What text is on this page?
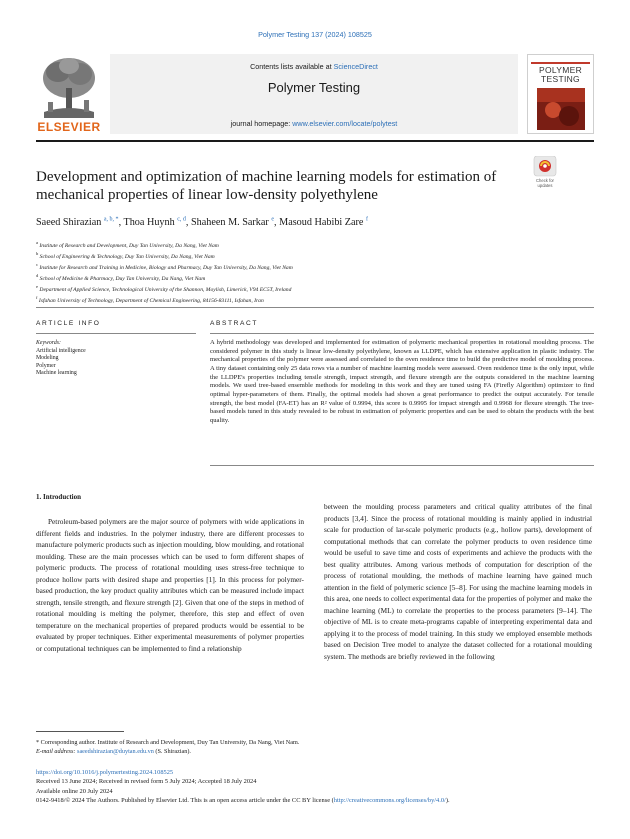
Polymer Testing 137 (2024) 108525
ELSEVIER
Contents lists available at ScienceDirect
Polymer Testing
journal homepage: www.elsevier.com/locate/polytest
POLYMER
TESTING
Development and optimization of machine learning models for estimation of mechanical properties of linear low-density polyethylene
Check for
updates
Saeed Shirazian $^{a, b, *}$, Thoa Huynh $^{c, d}$, Shaheen M. Sarkar $^e$, Masoud Habibi Zare $^f$
$^a$ Institute of Research and Development, Duy Tan University, Da Nang, Viet Nam
$^b$ School of Engineering & Technology, Duy Tan University, Da Nang, Viet Nam
$^c$ Institute for Research and Training in Medicine, Biology and Pharmacy, Duy Tan University, Da Nang, Viet Nam
$^d$ School of Medicine & Pharmacy, Duy Tan University, Da Nang, Viet Nam
$^e$ Department of Applied Science, Technological University of the Shannon, Moylish, Limerick, V94 EC5T, Ireland
$^f$ Isfahan University of Technology, Department of Chemical Engineering, 84156-83111, Isfahan, Iran
ARTICLE INFO
Keywords:
Artificial intelligence
Modeling
Polymer
Machine learning
ABSTRACT
A hybrid methodology was developed and implemented for estimation of polymeric mechanical properties in rotational moulding process. The considered polymer in this study is linear low-density polyethylene, known as LLDPE, which has extensive application in plastic industry. The mechanical properties of the polymer were assessed and correlated to the oven residence time to build the predictive model of moulding process. A tiny dataset containing only 25 data rows via a number of machine learning models were assessed. Oven residence time is the only input, while the LLDPE's properties including tensile strength, impact strength, and flexure strength are the outputs considered in the machine learning models. We used tree-based ensemble methods for modeling in this work and they are tuned using FA (Firefly Algorithm) optimizer to find optimal hyper-parameters of them. Finally, the optimal models had shown a great performance to predict the output accurately. For tensile strength, the best model (FA-ET) has an R² value of 0.9994, this score is 0.9995 for impact strength and 0.9968 for flexure strength. The tree-based models tuned in this study revealed to be robust in estimation of polymeric properties and can be used to obtain the products with the best quality.
1. Introduction
Petroleum-based polymers are the major source of polymers with wide applications in different fields and industries. In the polymer industry, there are different processes to manufacture polymeric products such as injection moulding, blow moulding, and rotational moulding. These are the main processes which can be used to form different shapes of polymeric products. The process of rotational moulding uses stress-free technique to produce hollow parts with desired shape and properties [1]. In this process for polymer-based production, the key product quality attributes which can be measured include impact strength, tensile strength, and flexure strength [2]. Given that one of the steps in method of rotational moulding is melting the polymer, therefore, this step and effect of oven temperature on the mechanical properties of prepared products would be essential to be evaluated by proper techniques. Either experimental measurements of polymer properties or computational techniques can be implemented to find a relationship
between the moulding process parameters and critical quality attributes of the final products [3,4]. Since the process of rotational moulding is mainly applied in industrial scale for production of lar-scale polymeric products (e.g., hollow parts), development of computational methods that can correlate the polymer products to oven residence time would be useful to save time and costs of experiments and achieve the products with the best quality attributes. Among various methods of computation for description of the process of rotational moulding, the methods of machine learning have gained much attention in the field of polymeric science [5–8]. For using the machine learning models in this area, one needs to collect experimental data for the properties of polymer and make the machine learning (ML) to correlate the properties to the process parameters [9–14]. The objective of ML is to create meta-programs capable of interpreting experimental data and applying it to the process of model training. In this study we employed ensemble methods based on Decision Tree model to analyze the dataset collected for a rotational moulding system. The methods are briefly reviewed in the following
* Corresponding author. Institute of Research and Development, Duy Tan University, Da Nang, Viet Nam.
E-mail address: saeedshirazian@duytan.edu.vn (S. Shirazian).
https://doi.org/10.1016/j.polymertesting.2024.108525
Received 13 June 2024; Received in revised form 5 July 2024; Accepted 18 July 2024
Available online 20 July 2024
0142-9418/© 2024 The Authors. Published by Elsevier Ltd. This is an open access article under the CC BY license (http://creativecommons.org/licenses/by/4.0/).
